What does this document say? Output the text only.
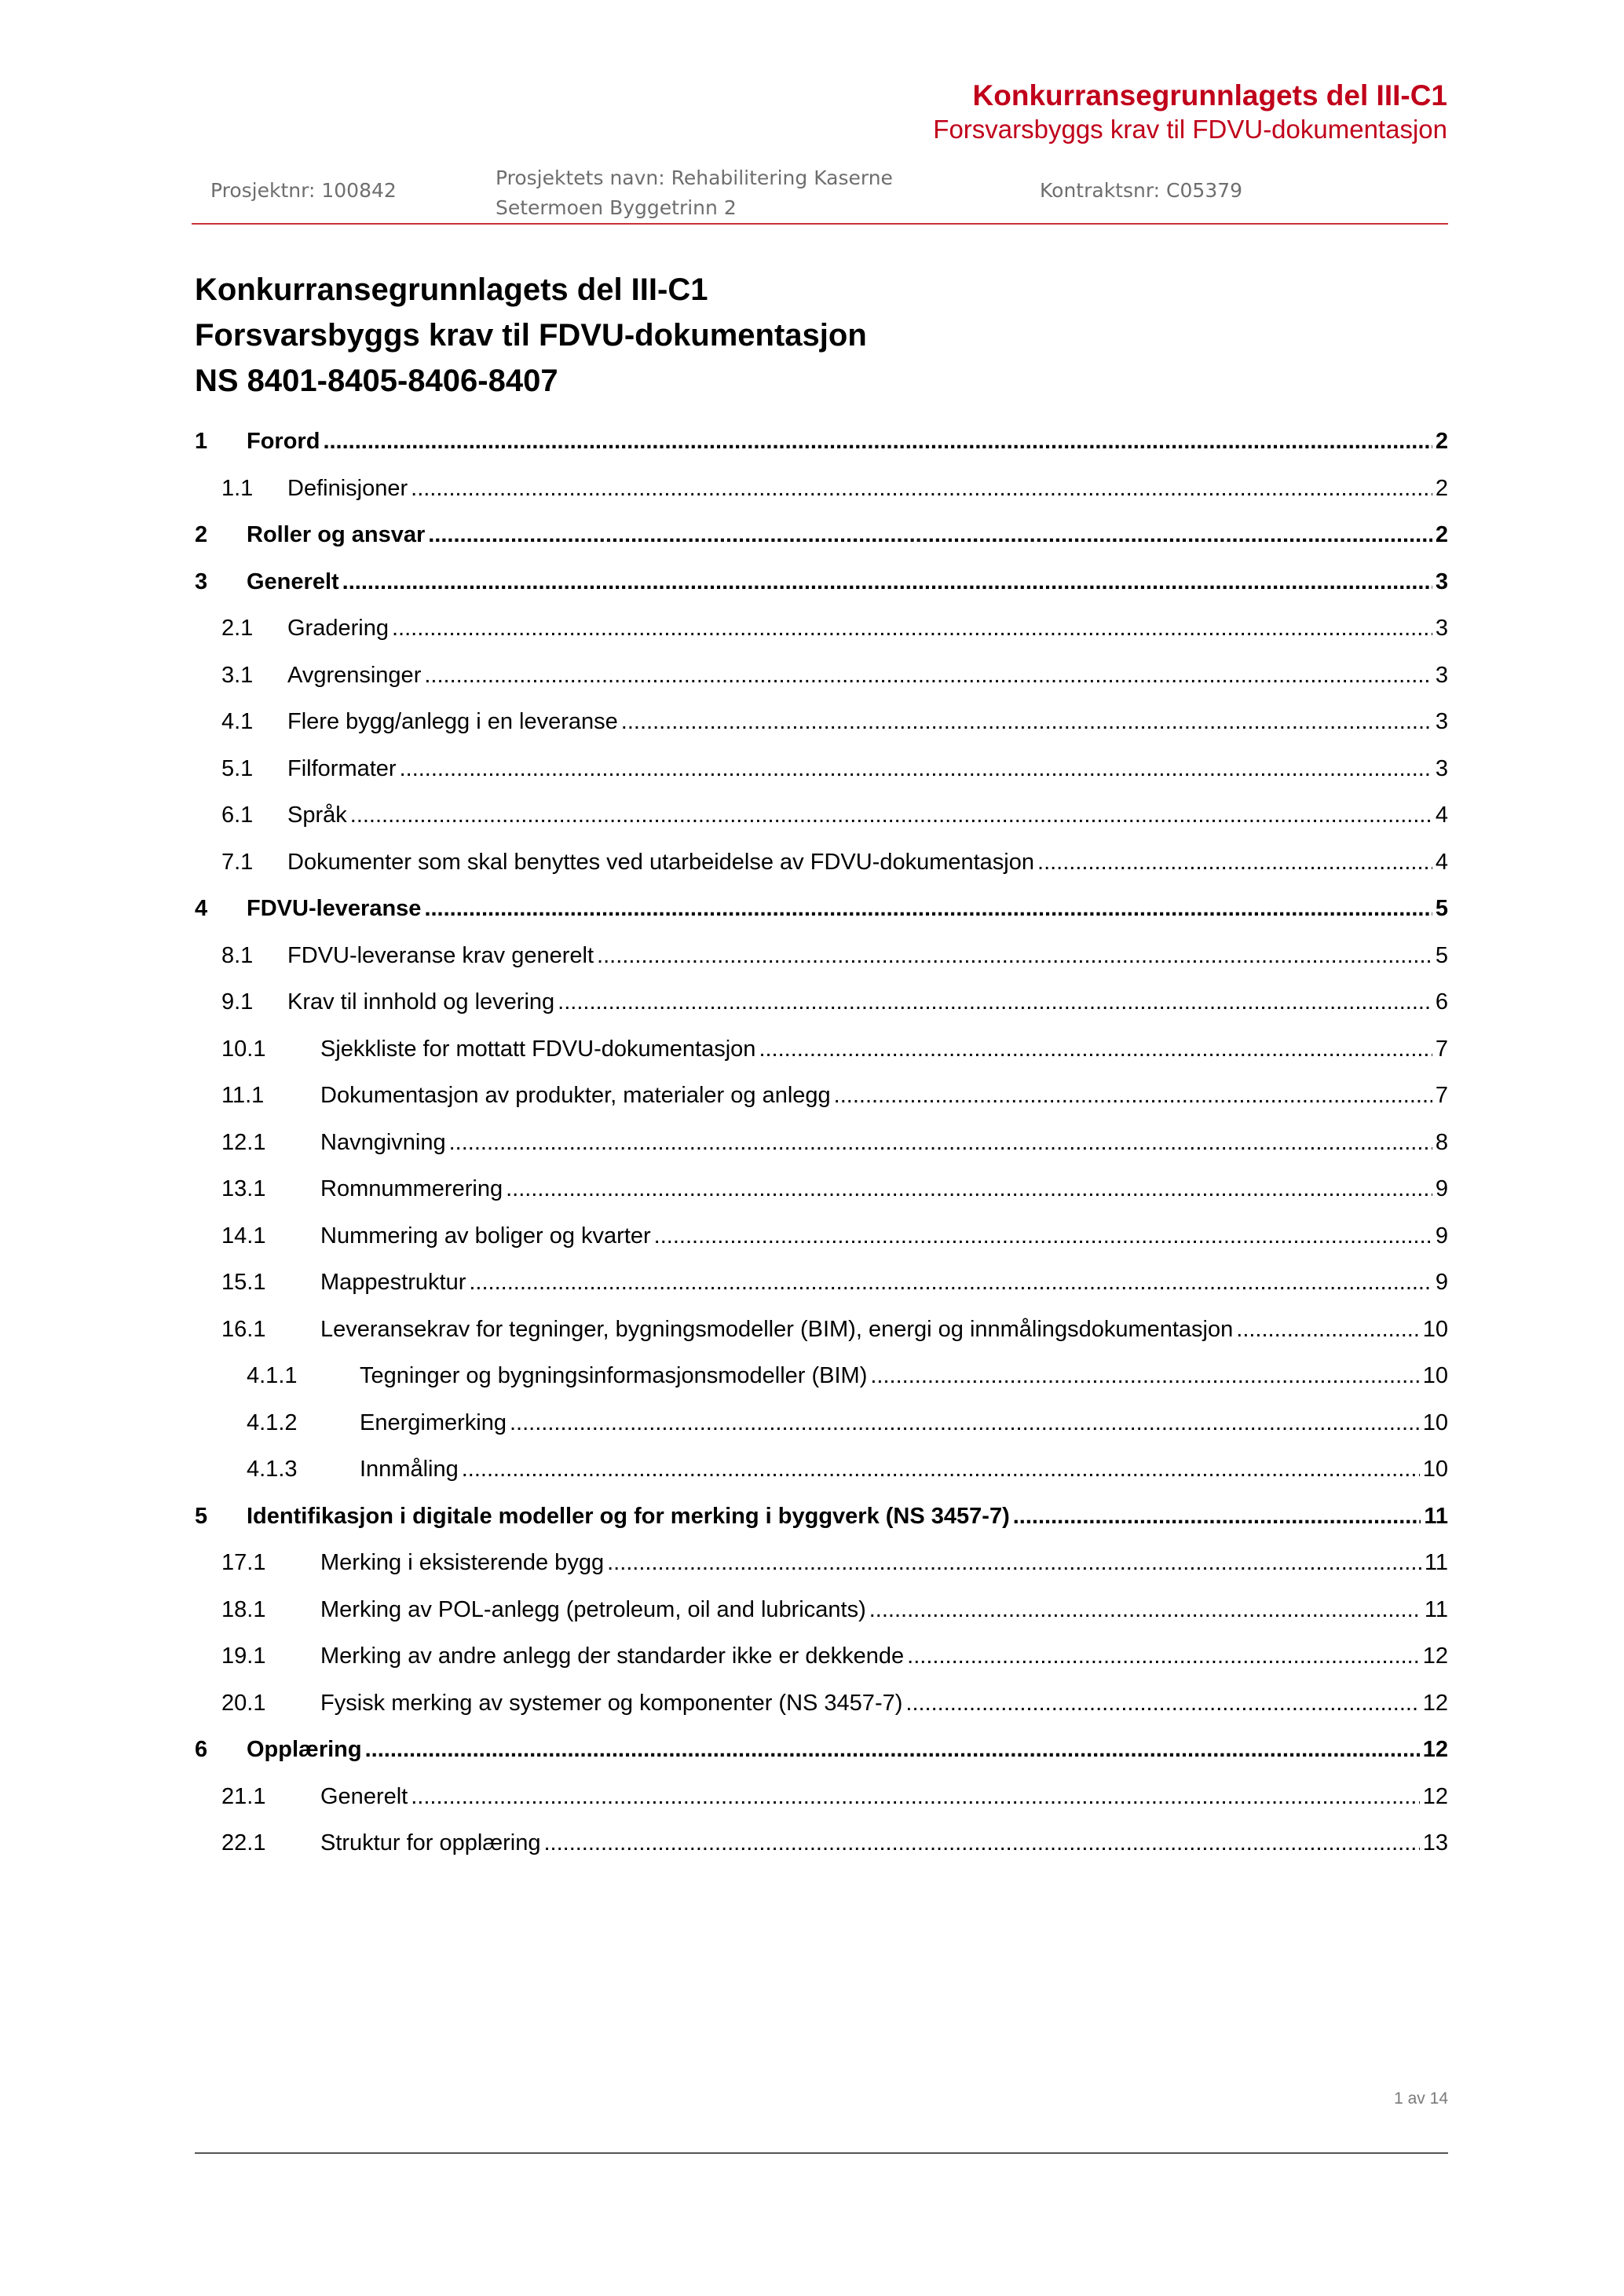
Konkurransegrunnlagets del III-C1
Forsvarsbyggs krav til FDVU-dokumentasjon
Prosjektnr: 100842
Prosjektets navn: Rehabilitering Kaserne
Setermoen Byggetrinn 2
Kontraktsnr: C05379
Konkurransegrunnlagets del III-C1
Forsvarsbyggs krav til FDVU-dokumentasjon
NS 8401-8405-8406-8407
1	Forord .....	2
1.1	Definisjoner .....	2
2	Roller og ansvar .....	2
3	Generelt .....	3
2.1	Gradering .....	3
3.1	Avgrensinger .....	3
4.1	Flere bygg/anlegg i en leveranse .....	3
5.1	Filformater .....	3
6.1	Språk .....	4
7.1	Dokumenter som skal benyttes ved utarbeidelse av FDVU-dokumentasjon .....	4
4	FDVU-leveranse .....	5
8.1	FDVU-leveranse krav generelt .....	5
9.1	Krav til innhold og levering .....	6
10.1	Sjekkliste for mottatt FDVU-dokumentasjon .....	7
11.1	Dokumentasjon av produkter, materialer og anlegg .....	7
12.1	Navngivning .....	8
13.1	Romnummerering .....	9
14.1	Nummering av boliger og kvarter .....	9
15.1	Mappestruktur .....	9
16.1	Leveransekrav for tegninger, bygningsmodeller (BIM), energi og innmålingsdokumentasjon .....	10
4.1.1	Tegninger og bygningsinformasjonsmodeller (BIM) .....	10
4.1.2	Energimerking .....	10
4.1.3	Innmåling .....	10
5	Identifikasjon i digitale modeller og for merking i byggverk (NS 3457-7) .....	11
17.1	Merking i eksisterende bygg .....	11
18.1	Merking av POL-anlegg (petroleum, oil and lubricants) .....	11
19.1	Merking av andre anlegg der standarder ikke er dekkende .....	12
20.1	Fysisk merking av systemer og komponenter (NS 3457-7) .....	12
6	Opplæring .....	12
21.1	Generelt .....	12
22.1	Struktur for opplæring .....	13
1 av 14
